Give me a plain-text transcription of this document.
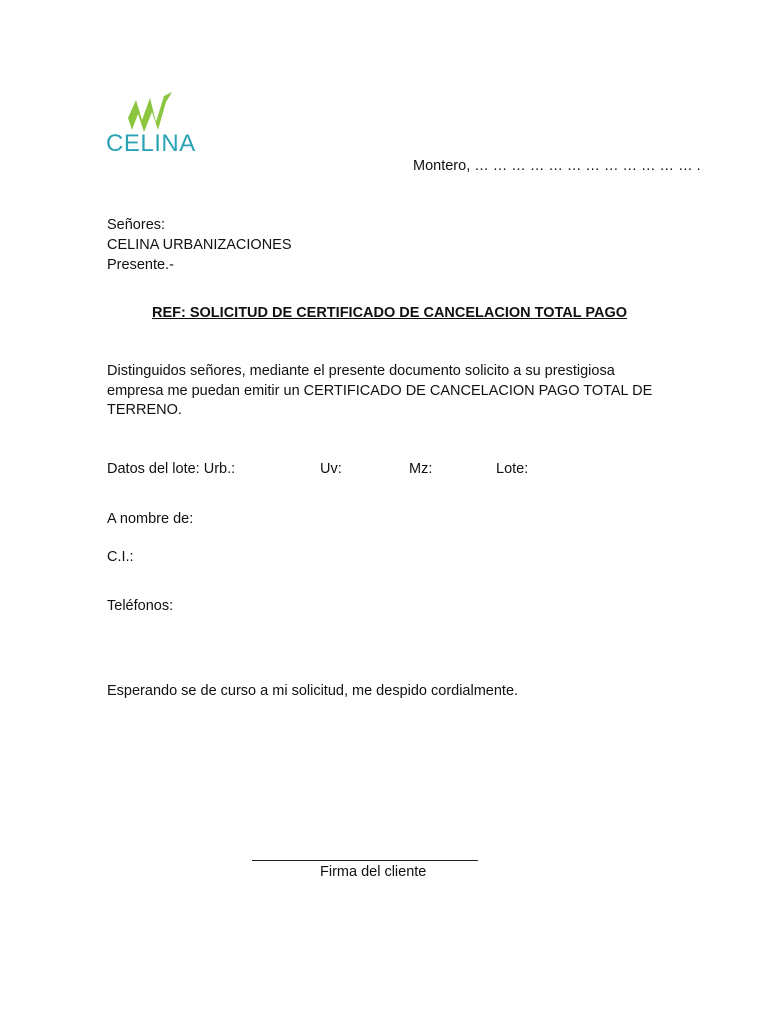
CELINA
Montero, … … … … … … … … … … … … .
Señores:
CELINA URBANIZACIONES
Presente.-
REF: SOLICITUD DE CERTIFICADO DE CANCELACION TOTAL PAGO
Distinguidos señores, mediante el presente documento solicito a su prestigiosa empresa me puedan emitir un CERTIFICADO DE CANCELACION PAGO TOTAL DE TERRENO.
Datos del lote: Urb.:	Uv:	Mz:	Lote:
A nombre de:
C.I.:
Teléfonos:
Esperando se de curso a mi solicitud, me despido cordialmente.
Firma del cliente
